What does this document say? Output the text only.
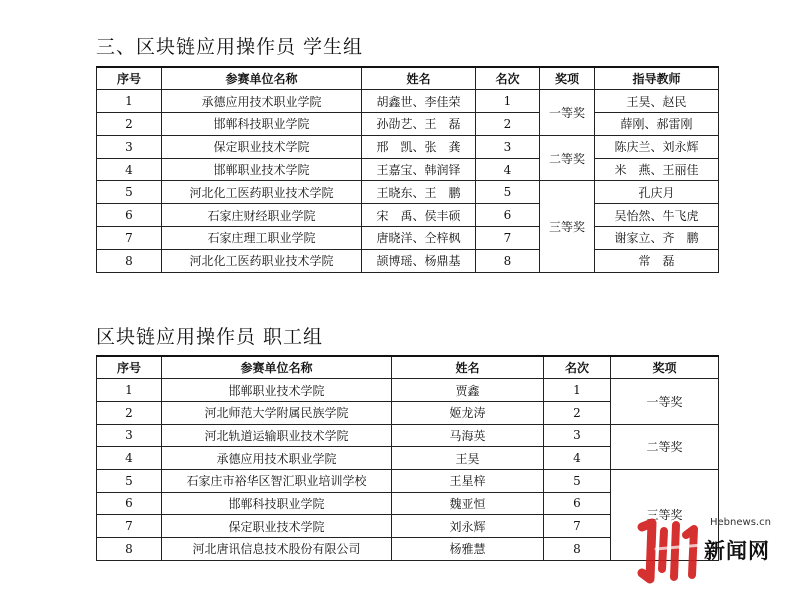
三、区块链应用操作员 学生组
序号	参赛单位名称	姓名	名次	奖项	指导教师
1	承德应用技术职业学院	胡鑫世、李佳荣	1	一等奖	王昊、赵民
2	邯郸科技职业学院	孙劭艺、王　磊	2		薛刚、郝雷刚
3	保定职业技术学院	邢　凯、张　龚	3	二等奖	陈庆兰、刘永辉
4	邯郸职业技术学院	王嘉宝、韩润铎	4		米　燕、王丽佳
5	河北化工医药职业技术学院	王晓东、王　鹏	5	三等奖	孔庆月
6	石家庄财经职业学院	宋　禹、侯丰硕	6		吴怡然、牛飞虎
7	石家庄理工职业学院	唐晓洋、仝梓枫	7		谢家立、齐　鹏
8	河北化工医药职业技术学院	颉博瑶、杨鼎基	8		常　磊
区块链应用操作员 职工组
序号	参赛单位名称	姓名	名次	奖项
1	邯郸职业技术学院	贾鑫	1	一等奖
2	河北师范大学附属民族学院	姬龙涛	2	
3	河北轨道运输职业技术学院	马海英	3	二等奖
4	承德应用技术职业学院	王昊	4	
5	石家庄市裕华区智汇职业培训学校	王星梓	5	三等奖
6	邯郸科技职业学院	魏亚恒	6	
7	保定职业技术学院	刘永辉	7	
8	河北唐讯信息技术股份有限公司	杨雅慧	8	
Hebnews.cn
新闻网
